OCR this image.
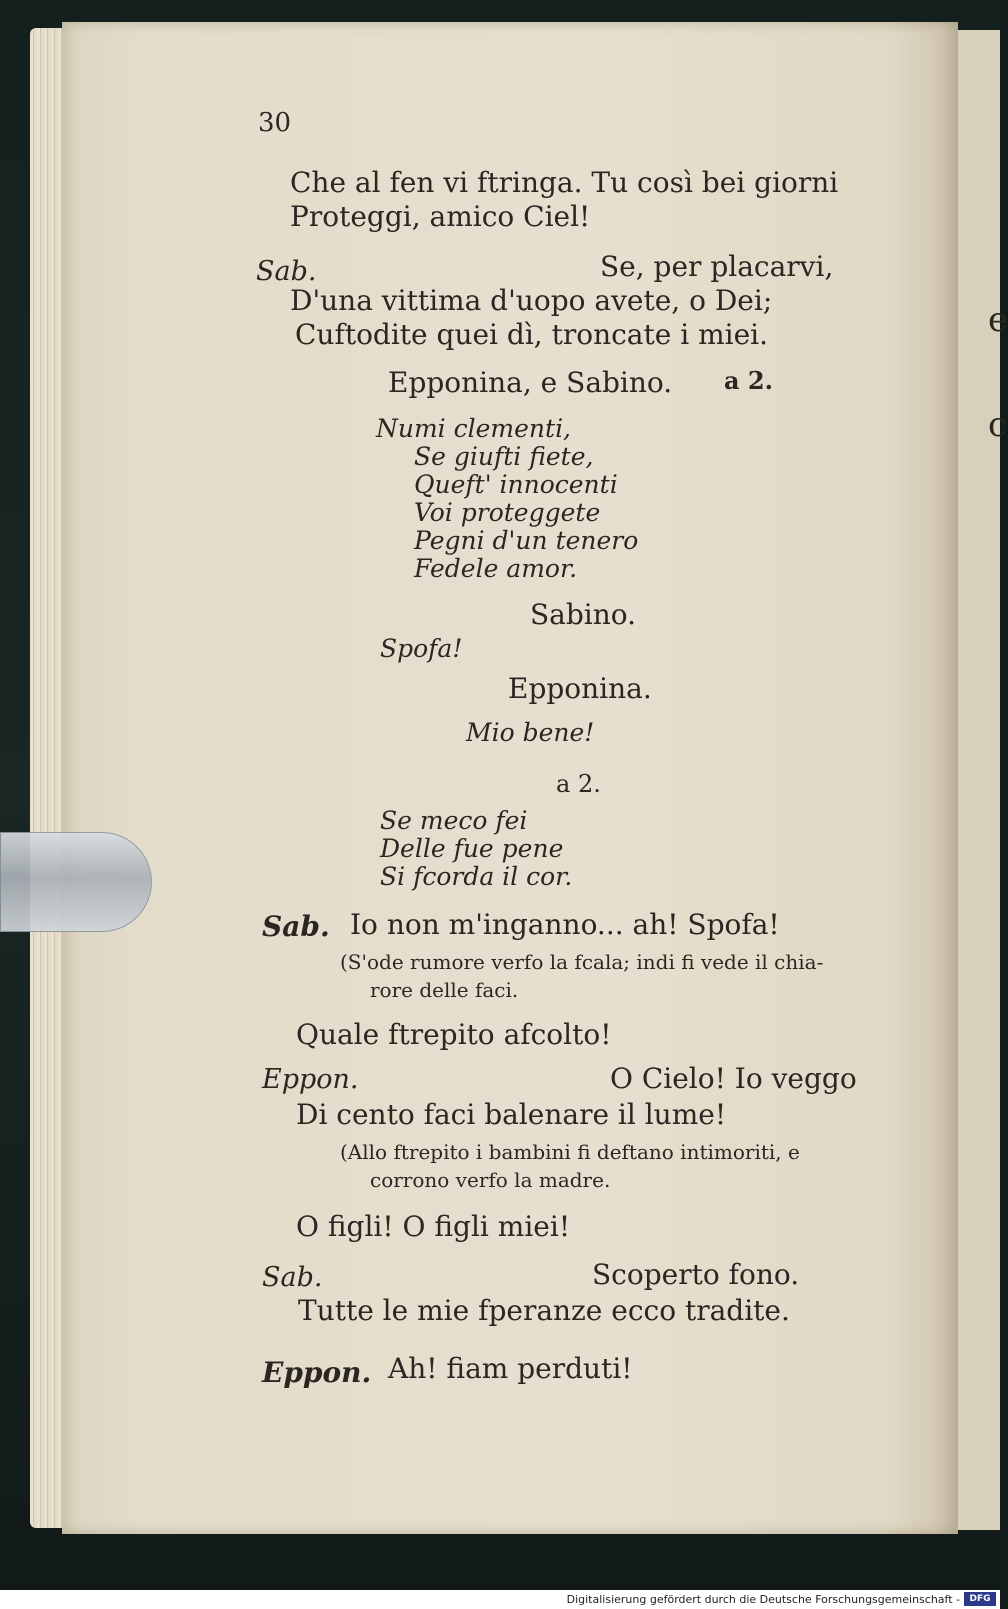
e
c
30
Che al fen vi ftringa. Tu così bei giorni
Proteggi, amico Ciel!
Sab.	Se, per placarvi,
D'una vittima d'uopo avete, o Dei;
Cuftodite quei dì, troncate i miei.
Epponina, e Sabino. a 2.
Numi clementi,
Se giufti fiete,
Queft' innocenti
Voi proteggete
Pegni d'un tenero
Fedele amor.
Sabino.
Spofa!
Epponina.
Mio bene!
a 2.
Se meco fei
Delle fue pene
Si fcorda il cor.
Sab. Io non m'inganno... ah! Spofa!
(S'ode rumore verfo la fcala; indi fi vede il chia-
rore delle faci.
Quale ftrepito afcolto!
Eppon.	O Cielo! Io veggo
Di cento faci balenare il lume!
(Allo ftrepito i bambini fi deftano intimoriti, e
corrono verfo la madre.
O figli! O figli miei!
Sab.	Scoperto fono.
Tutte le mie fperanze ecco tradite.
Eppon. Ah! fiam perduti!
Digitalisierung gefördert durch die Deutsche Forschungsgemeinschaft -	DFG
